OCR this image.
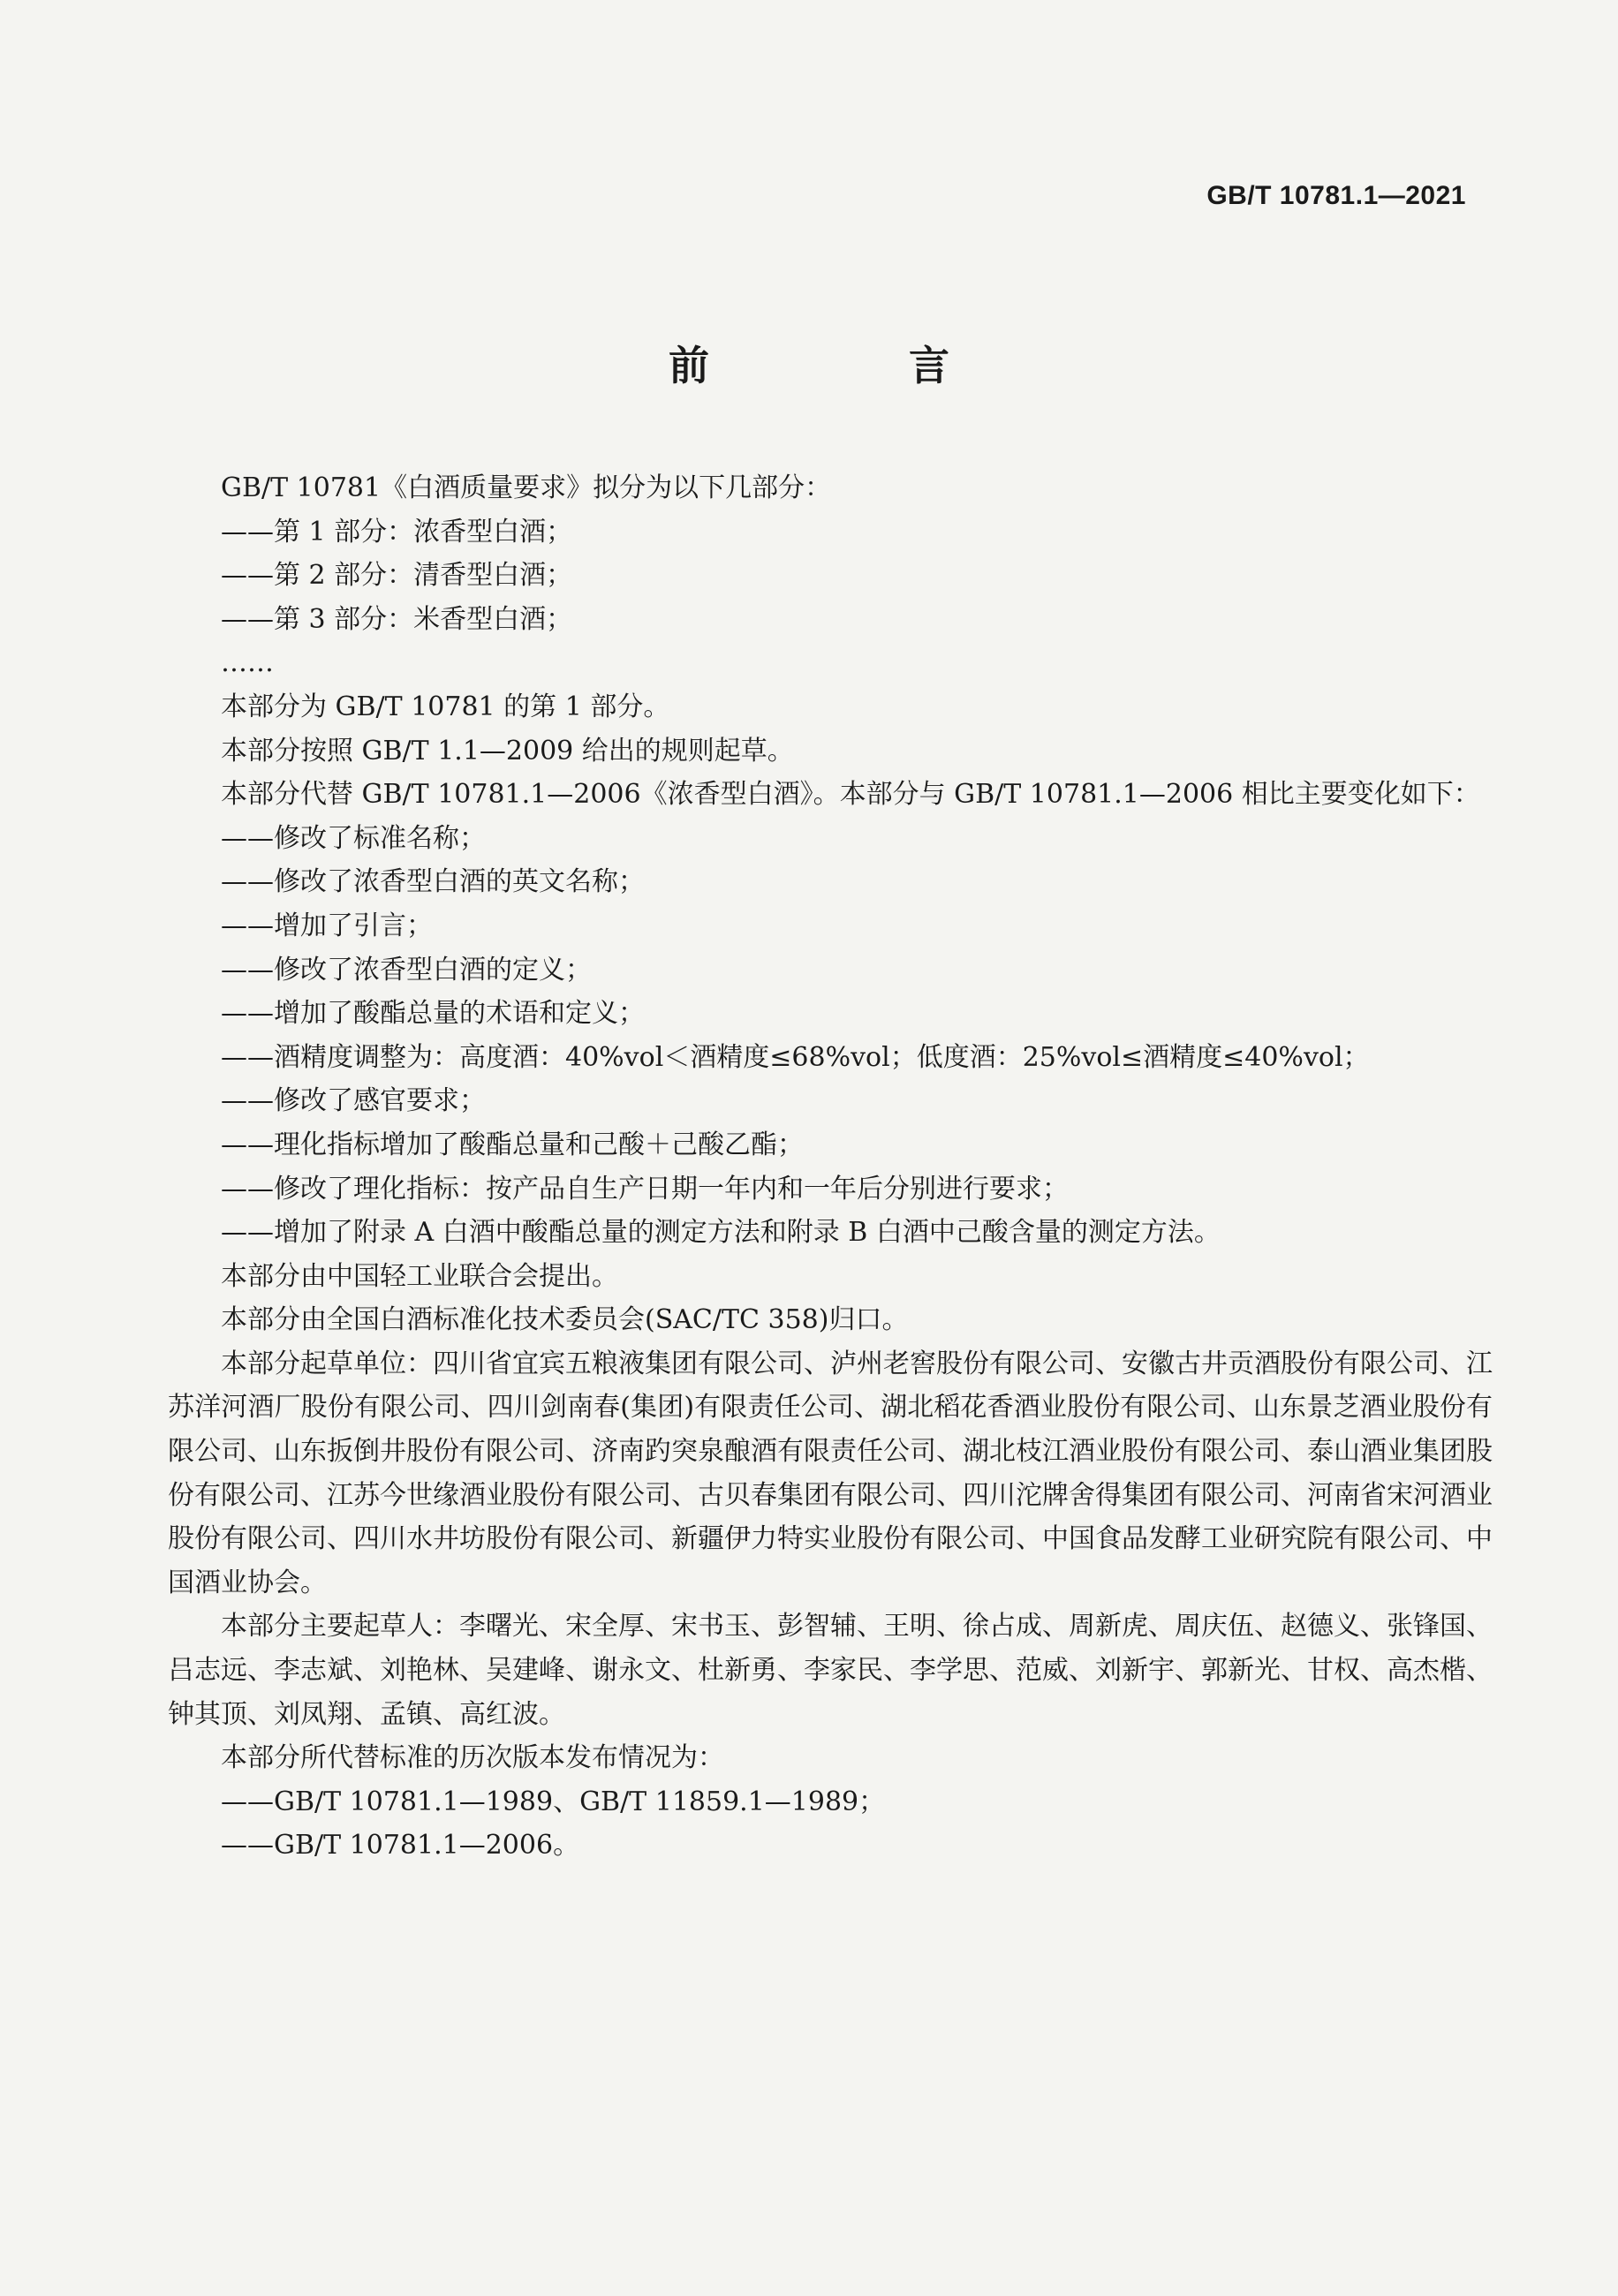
GB/T 10781.1—2021
前　言

GB/T 10781《白酒质量要求》拟分为以下几部分：

——第 1 部分：浓香型白酒；

——第 2 部分：清香型白酒；

——第 3 部分：米香型白酒；

……

本部分为 GB/T 10781 的第 1 部分。

本部分按照 GB/T 1.1—2009 给出的规则起草。

本部分代替 GB/T 10781.1—2006《浓香型白酒》。本部分与 GB/T 10781.1—2006 相比主要变化如下：

——修改了标准名称；

——修改了浓香型白酒的英文名称；

——增加了引言；

——修改了浓香型白酒的定义；

——增加了酸酯总量的术语和定义；

——酒精度调整为：高度酒：40%vol＜酒精度≤68%vol；低度酒：25%vol≤酒精度≤40%vol；

——修改了感官要求；

——理化指标增加了酸酯总量和己酸＋己酸乙酯；

——修改了理化指标：按产品自生产日期一年内和一年后分别进行要求；

——增加了附录 A 白酒中酸酯总量的测定方法和附录 B 白酒中己酸含量的测定方法。

本部分由中国轻工业联合会提出。

本部分由全国白酒标准化技术委员会(SAC/TC 358)归口。

本部分起草单位：四川省宜宾五粮液集团有限公司、泸州老窖股份有限公司、安徽古井贡酒股份有限公司、江苏洋河酒厂股份有限公司、四川剑南春(集团)有限责任公司、湖北稻花香酒业股份有限公司、山东景芝酒业股份有限公司、山东扳倒井股份有限公司、济南趵突泉酿酒有限责任公司、湖北枝江酒业股份有限公司、泰山酒业集团股份有限公司、江苏今世缘酒业股份有限公司、古贝春集团有限公司、四川沱牌舍得集团有限公司、河南省宋河酒业股份有限公司、四川水井坊股份有限公司、新疆伊力特实业股份有限公司、中国食品发酵工业研究院有限公司、中国酒业协会。

本部分主要起草人：李曙光、宋全厚、宋书玉、彭智辅、王明、徐占成、周新虎、周庆伍、赵德义、张锋国、吕志远、李志斌、刘艳林、吴建峰、谢永文、杜新勇、李家民、李学思、范威、刘新宇、郭新光、甘权、高杰楷、钟其顶、刘凤翔、孟镇、高红波。

本部分所代替标准的历次版本发布情况为：

——GB/T 10781.1—1989、GB/T 11859.1—1989；

——GB/T 10781.1—2006。
